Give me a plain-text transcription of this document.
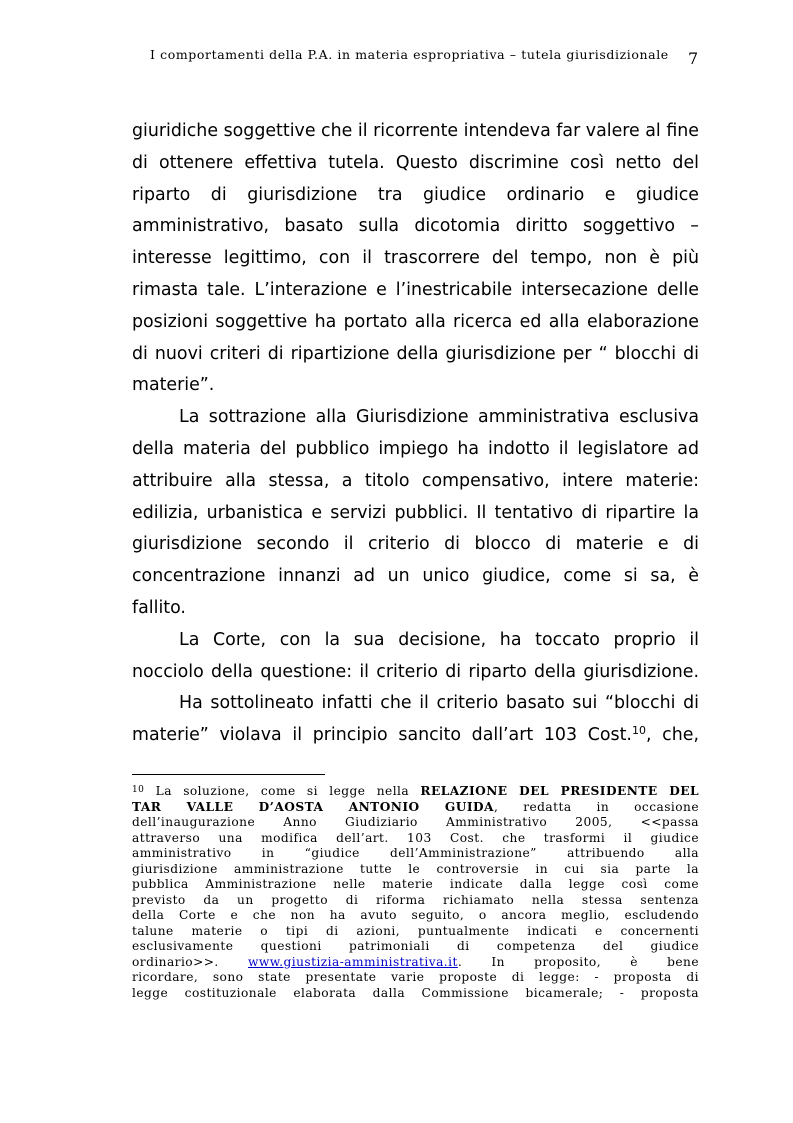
I comportamenti della P.A. in materia espropriativa – tutela giurisdizionale 7
giuridiche soggettive che il ricorrente intendeva far valere al fine
di ottenere effettiva tutela. Questo discrimine così netto del
riparto di giurisdizione tra giudice ordinario e giudice
amministrativo, basato sulla dicotomia diritto soggettivo –
interesse legittimo, con il trascorrere del tempo, non è più
rimasta tale. L’interazione e l’inestricabile intersecazione delle
posizioni soggettive ha portato alla ricerca ed alla elaborazione
di nuovi criteri di ripartizione della giurisdizione per “ blocchi di
materie”.
La sottrazione alla Giurisdizione amministrativa esclusiva
della materia del pubblico impiego ha indotto il legislatore ad
attribuire alla stessa, a titolo compensativo, intere materie:
edilizia, urbanistica e servizi pubblici. Il tentativo di ripartire la
giurisdizione secondo il criterio di blocco di materie e di
concentrazione innanzi ad un unico giudice, come si sa, è
fallito.
La Corte, con la sua decisione, ha toccato proprio il
nocciolo della questione: il criterio di riparto della giurisdizione.
Ha sottolineato infatti che il criterio basato sui “blocchi di
materie” violava il principio sancito dall’art 103 Cost.$^{10}$, che,
$^{10}$ La soluzione, come si legge nella RELAZIONE DEL PRESIDENTE DEL
TAR VALLE D’AOSTA ANTONIO GUIDA, redatta in occasione
dell’inaugurazione Anno Giudiziario Amministrativo 2005, <<passa
attraverso una modifica dell’art. 103 Cost. che trasformi il giudice
amministrativo in “giudice dell’Amministrazione” attribuendo alla
giurisdizione amministrazione tutte le controversie in cui sia parte la
pubblica Amministrazione nelle materie indicate dalla legge così come
previsto da un progetto di riforma richiamato nella stessa sentenza
della Corte e che non ha avuto seguito, o ancora meglio, escludendo
talune materie o tipi di azioni, puntualmente indicati e concernenti
esclusivamente questioni patrimoniali di competenza del giudice
ordinario>>. www.giustizia-amministrativa.it. In proposito, è bene
ricordare, sono state presentate varie proposte di legge: - proposta di
legge costituzionale elaborata dalla Commissione bicamerale; - proposta
